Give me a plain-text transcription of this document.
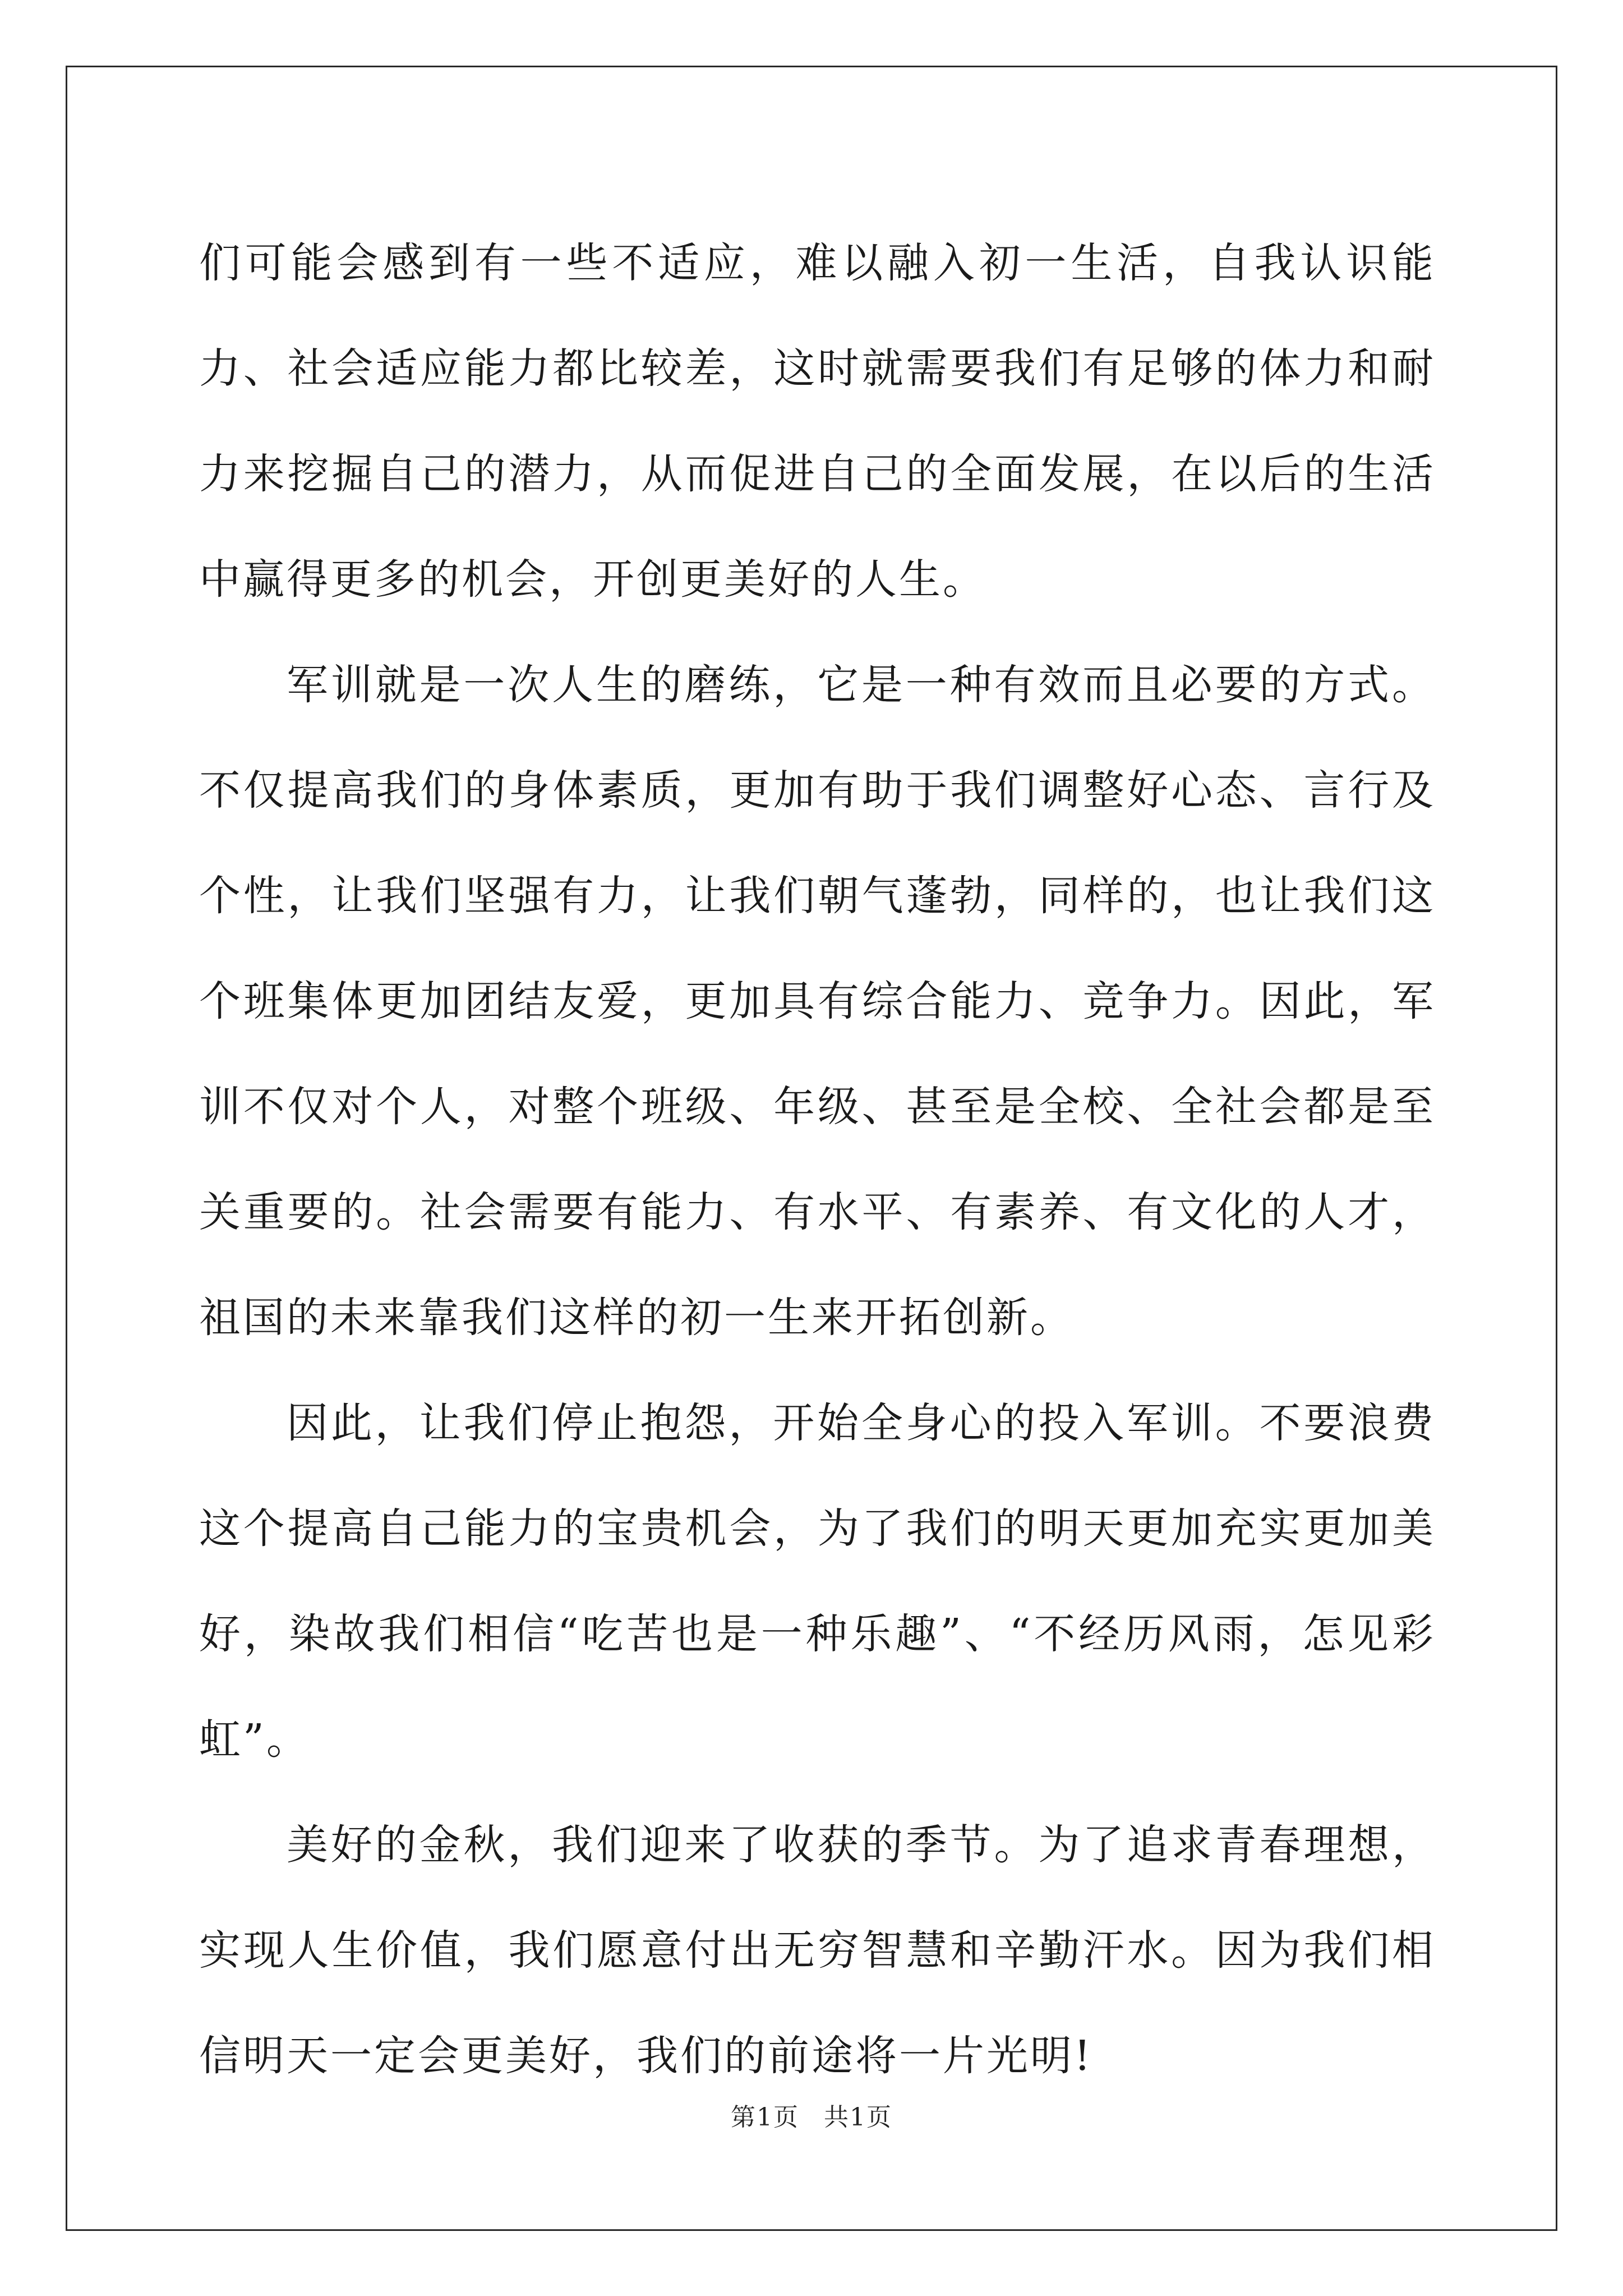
们可能会感到有一些不适应，难以融入初一生活，自我认识能力、社会适应能力都比较差，这时就需要我们有足够的体力和耐力来挖掘自己的潜力，从而促进自己的全面发展，在以后的生活中赢得更多的机会，开创更美好的人生。

军训就是一次人生的磨练，它是一种有效而且必要的方式。不仅提高我们的身体素质，更加有助于我们调整好心态、言行及个性，让我们坚强有力，让我们朝气蓬勃，同样的，也让我们这个班集体更加团结友爱，更加具有综合能力、竞争力。因此，军训不仅对个人，对整个班级、年级、甚至是全校、全社会都是至关重要的。社会需要有能力、有水平、有素养、有文化的人才，祖国的未来靠我们这样的初一生来开拓创新。

因此，让我们停止抱怨，开始全身心的投入军训。不要浪费这个提高自己能力的宝贵机会，为了我们的明天更加充实更加美好，染故我们相信“吃苦也是一种乐趣”、“不经历风雨，怎见彩虹”。

美好的金秋，我们迎来了收获的季节。为了追求青春理想，实现人生价值，我们愿意付出无穷智慧和辛勤汗水。因为我们相信明天一定会更美好，我们的前途将一片光明!

第1页 共1页
